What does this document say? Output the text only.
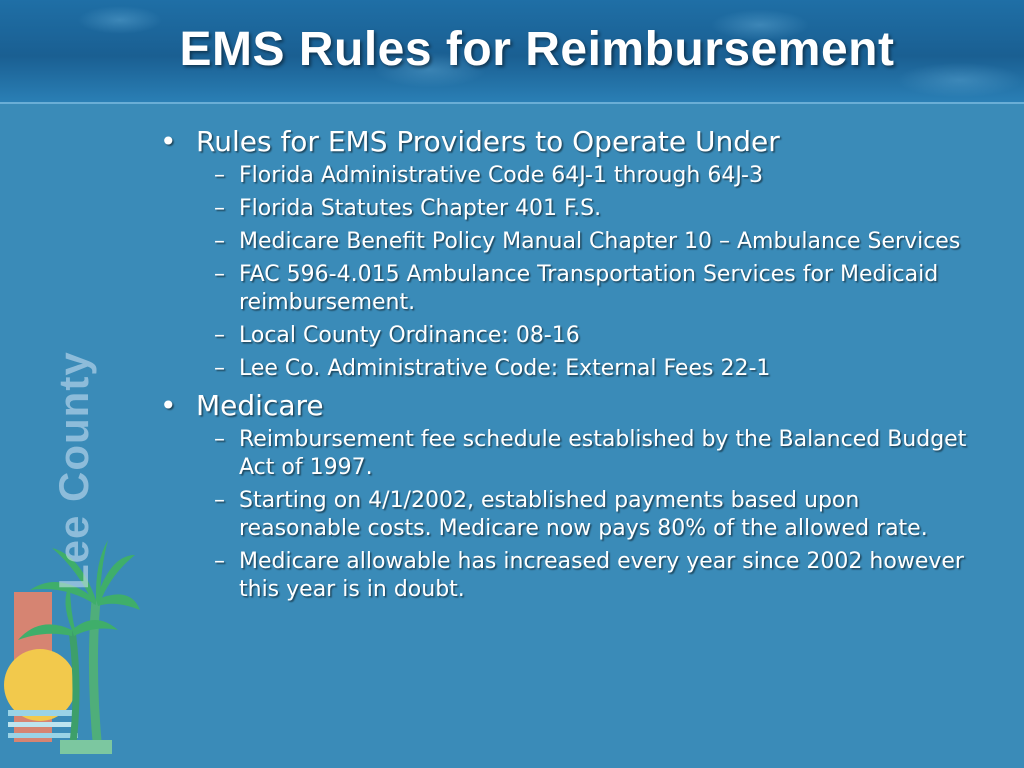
EMS Rules for Reimbursement
Lee County
• Rules for EMS Providers to Operate Under
– Florida Administrative Code 64J-1 through 64J-3
– Florida Statutes Chapter 401 F.S.
– Medicare Benefit Policy Manual Chapter 10 – Ambulance Services
– FAC 596-4.015 Ambulance Transportation Services for Medicaid reimbursement.
– Local County Ordinance: 08-16
– Lee Co. Administrative Code: External Fees 22-1
• Medicare
– Reimbursement fee schedule established by the Balanced Budget Act of 1997.
– Starting on 4/1/2002, established payments based upon reasonable costs. Medicare now pays 80% of the allowed rate.
– Medicare allowable has increased every year since 2002 however this year is in doubt.
